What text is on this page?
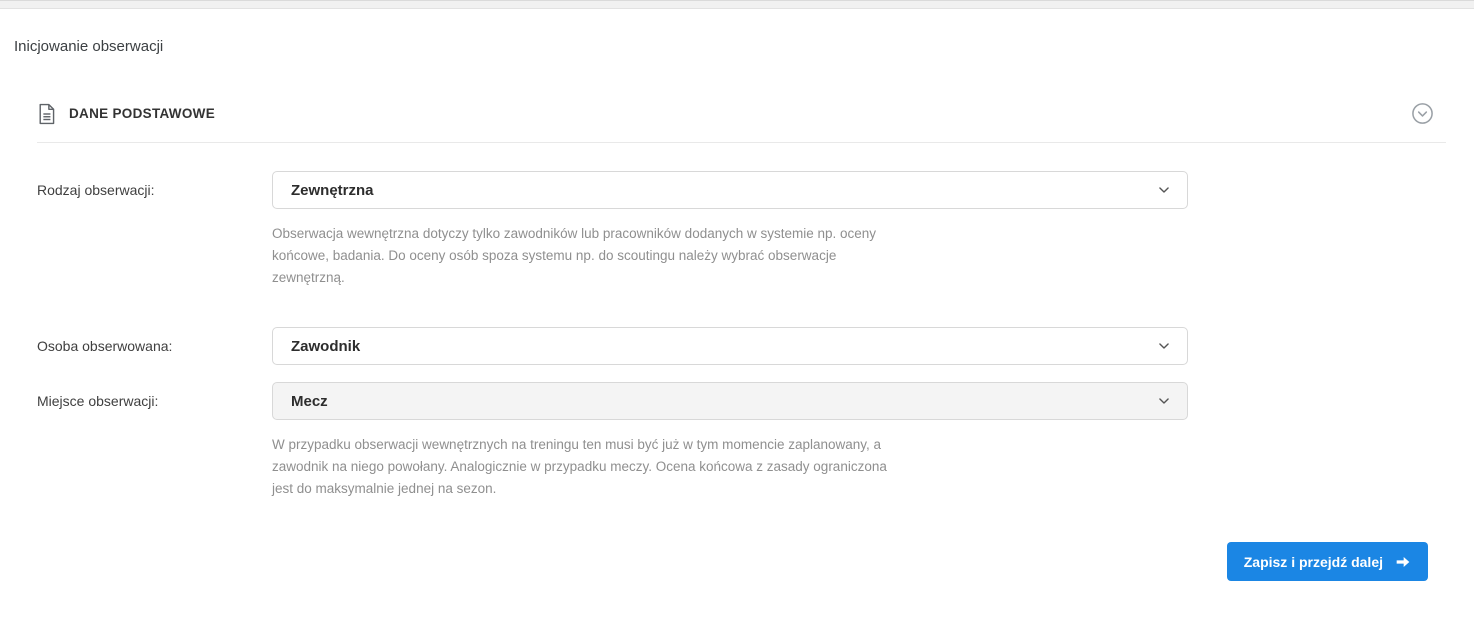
Inicjowanie obserwacji
DANE PODSTAWOWE
Rodzaj obserwacji:	Zewnętrzna
Obserwacja wewnętrzna dotyczy tylko zawodników lub pracowników dodanych w systemie np. oceny
końcowe, badania. Do oceny osób spoza systemu np. do scoutingu należy wybrać obserwacje
zewnętrzną.
Osoba obserwowana:	Zawodnik
Miejsce obserwacji:	Mecz
W przypadku obserwacji wewnętrznych na treningu ten musi być już w tym momencie zaplanowany, a
zawodnik na niego powołany. Analogicznie w przypadku meczy. Ocena końcowa z zasady ograniczona
jest do maksymalnie jednej na sezon.
Zapisz i przejdź dalej
